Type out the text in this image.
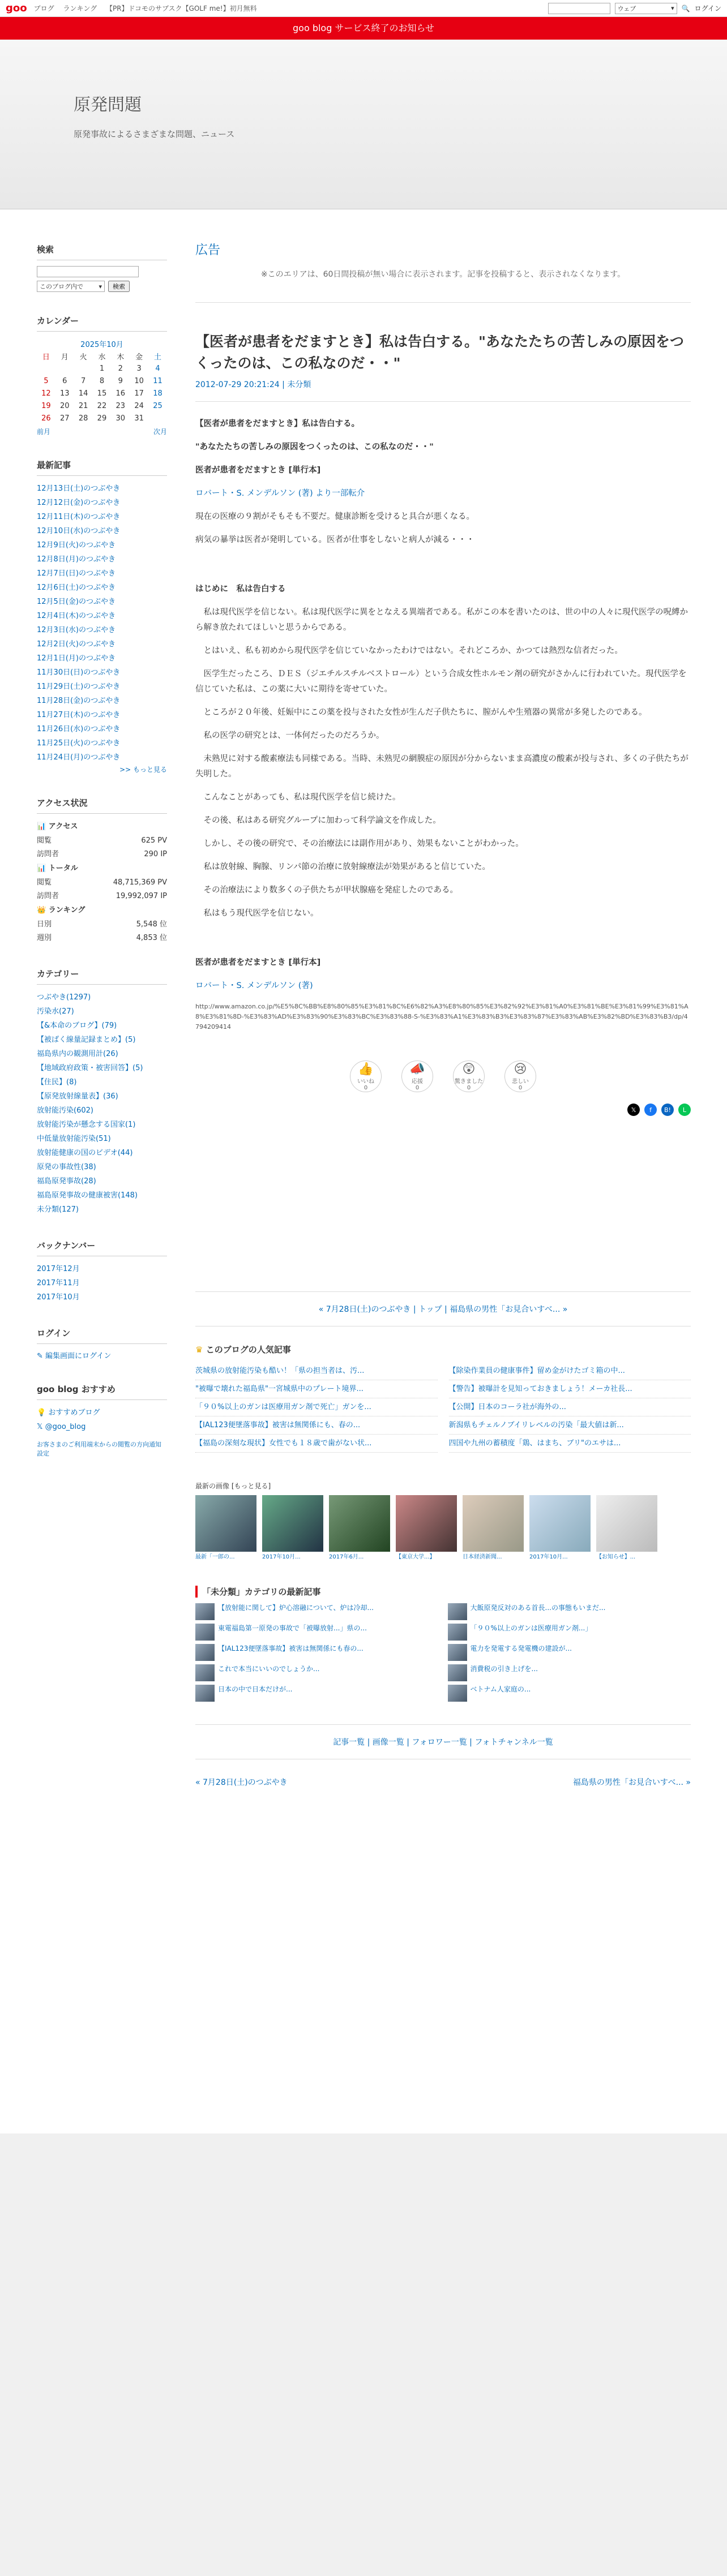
goo ブログ ランキング 【PR】ドコモのサブスク【GOLF me!】初月無料	ウェブ	▾ 🔍 ログイン
goo blog サービス終了のお知らせ
原発問題
原発事故によるさまざまな問題、ニュース
検索
このブログ内で ▾	検索
カレンダー
2025年10月						
日	月	火	水	木	金	土
			1	2	3	4
5	6	7	8	9	10	11
12	13	14	15	16	17	18
19	20	21	22	23	24	25
26	27	28	29	30	31	
前月	次月
最新記事
12月13日(土)のつぶやき
12月12日(金)のつぶやき
12月11日(木)のつぶやき
12月10日(水)のつぶやき
12月9日(火)のつぶやき
12月8日(月)のつぶやき
12月7日(日)のつぶやき
12月6日(土)のつぶやき
12月5日(金)のつぶやき
12月4日(木)のつぶやき
12月3日(水)のつぶやき
12月2日(火)のつぶやき
12月1日(月)のつぶやき
11月30日(日)のつぶやき
11月29日(土)のつぶやき
11月28日(金)のつぶやき
11月27日(木)のつぶやき
11月26日(水)のつぶやき
11月25日(火)のつぶやき
11月24日(月)のつぶやき
>> もっと見る
アクセス状況
📊 アクセス
閲覧	625 PV
訪問者	290 IP
📊 トータル
閲覧	48,715,369 PV
訪問者	19,992,097 IP
👑 ランキング
日別	5,548 位
週別	4,853 位
カテゴリー
つぶやき(1297)
汚染水(27)
【&本命のブログ】(79)
【被ばく線量記録まとめ】(5)
福島県内の観測用計(26)
【地域政府政策・被害回答】(5)
【住民】(8)
【原発放射線量表】(36)
放射能汚染(602)
放射能汚染が懸念する国家(1)
中低量放射能汚染(51)
放射能健康の国のビデオ(44)
原発の事故性(38)
福島原発事故(28)
福島原発事故の健康被害(148)
未分類(127)
バックナンバー
2017年12月
2017年11月
2017年10月
ログイン
✎ 編集画面にログイン
goo blog おすすめ
💡 おすすめブログ
𝕏 @goo_blog
お客さまのご利用端末からの閲覧の方向通知設定
広告
※このエリアは、60日間投稿が無い場合に表示されます。記事を投稿すると、表示されなくなります。
【医者が患者をだますとき】私は告白する。"あなたたちの苦しみの原因をつくったのは、この私なのだ・・"
2012-07-29 20:21:24 | 未分類

【医者が患者をだますとき】私は告白する。

"あなたたちの苦しみの原因をつくったのは、この私なのだ・・"

医者が患者をだますとき [単行本]

ロバート・S. メンデルソン (著) より一部転介

現在の医療の９割がそもそも不要だ。健康診断を受けると具合が悪くなる。

病気の暴挙は医者が発明している。医者が仕事をしないと病人が減る・・・

はじめに　私は告白する

私は現代医学を信じない。私は現代医学に異をとなえる異端者である。私がこの本を書いたのは、世の中の人々に現代医学の呪縛から解き放たれてほしいと思うからである。

とはいえ、私も初めから現代医学を信じていなかったわけではない。それどころか、かつては熱烈な信者だった。

医学生だったころ、ＤＥＳ（ジエチルスチルベストロール）という合成女性ホルモン剤の研究がさかんに行われていた。現代医学を信じていた私は、この薬に大いに期待を寄せていた。

ところが２０年後、妊娠中にこの薬を投与された女性が生んだ子供たちに、膣がんや生殖器の異常が多発したのである。

私の医学の研究とは、一体何だったのだろうか。

未熟児に対する酸素療法も同様である。当時、未熟児の網膜症の原因が分からないまま高濃度の酸素が投与され、多くの子供たちが失明した。

こんなことがあっても、私は現代医学を信じ続けた。

その後、私はある研究グループに加わって科学論文を作成した。

しかし、その後の研究で、その治療法には副作用があり、効果もないことがわかった。

私は放射線、胸腺、リンパ節の治療に放射線療法が効果があると信じていた。

その治療法により数多くの子供たちが甲状腺癌を発症したのである。

私はもう現代医学を信じない。

医者が患者をだますとき [単行本]

ロバート・S. メンデルソン (著)

http://www.amazon.co.jp/%E5%8C%BB%E8%80%85%E3%81%8C%E6%82%A3%E8%80%85%E3%82%92%E3%81%A0%E3%81%BE%E3%81%99%E3%81%A8%E3%81%8D-%E3%83%AD%E3%83%90%E3%83%BC%E3%83%88-S-%E3%83%A1%E3%83%B3%E3%83%87%E3%83%AB%E3%82%BD%E3%83%B3/dp/4794209414
👍
いいね
0
📣
応援
0
😲
驚きました
0
😢
悲しい
0
𝕏	f	B!	L
« 7月28日(土)のつぶやき | トップ | 福島県の男性「お見合いすべ... »
♛ このブログの人気記事
茨城県の放射能汚染も酷い！「県の担当者は、汚...	【除染作業員の健康事件】留め金がけたゴミ箱の中...
"被曝で壊れた福島県"一宮城県中のプレート境界...	【警告】被曝計を見知っておきましょう！メーカ社長...
「９０%以上のガンは医療用ガン剤で死亡」ガンを...	【公開】日本のコーラ社が海外の...
【IAL123便墜落事故】被害は無関係にも、春の...	新潟県もチェルノブイリレベルの汚染「最大値は新...
【福島の深刻な現状】女性でも１８歳で歯がない状...	四国や九州の蓄積度「鶏、はまち、ブリ"のエサは...
最新の画像 [もっと見る]
最新「一郎の...	2017年10月...	2017年6月...	【東京大学...】	日本経済新聞...	2017年10月...	【お知らせ】...
「未分類」カテゴリの最新記事
【放射能に関して】炉心溶融について、炉は冷却...	大飯原発反対のある首長...の事態もいまだ...
東電福島第一原発の事故で「被曝放射...」県の...	「９０%以上のガンは医療用ガン剤...」
【IAL123便墜落事故】被害は無関係にも春の...	電力を発電する発電機の建設が...
これで本当にいいのでしょうか...	消費税の引き上げを...
日本の中で日本だけが...	ベトナム人家庭の...
記事一覧 | 画像一覧 | フォロワー一覧 | フォトチャンネル一覧
« 7月28日(土)のつぶやき	福島県の男性「お見合いすべ... »
